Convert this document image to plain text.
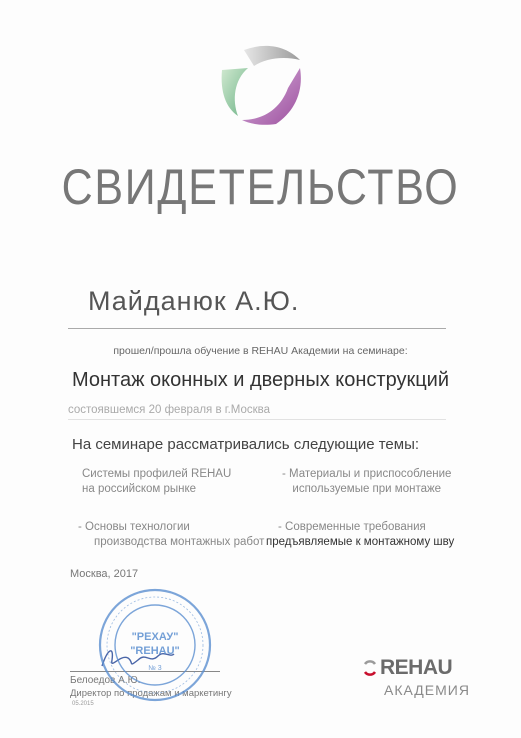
СВИДЕТЕЛЬСТВО
Майданюк А.Ю.
прошел/прошла обучение в REHAU Академии на семинаре:
Монтаж оконных и дверных конструкций
состоявшемся 20 февраля в г.Москва
На семинаре рассматривались следующие темы:
Системы профилей REHAU
на российском рынке
- Материалы и приспособление
используемые при монтаже
- Основы технологии
производства монтажных работ
- Современные требования
предъявляемые к монтажному шву
Москва, 2017
Белоедов А.Ю.
Директор по продажам и маркетингу
05.2015
"РЕХАУ"
"REHAU"
№ 3	REHAU
АКАДЕМИЯ
